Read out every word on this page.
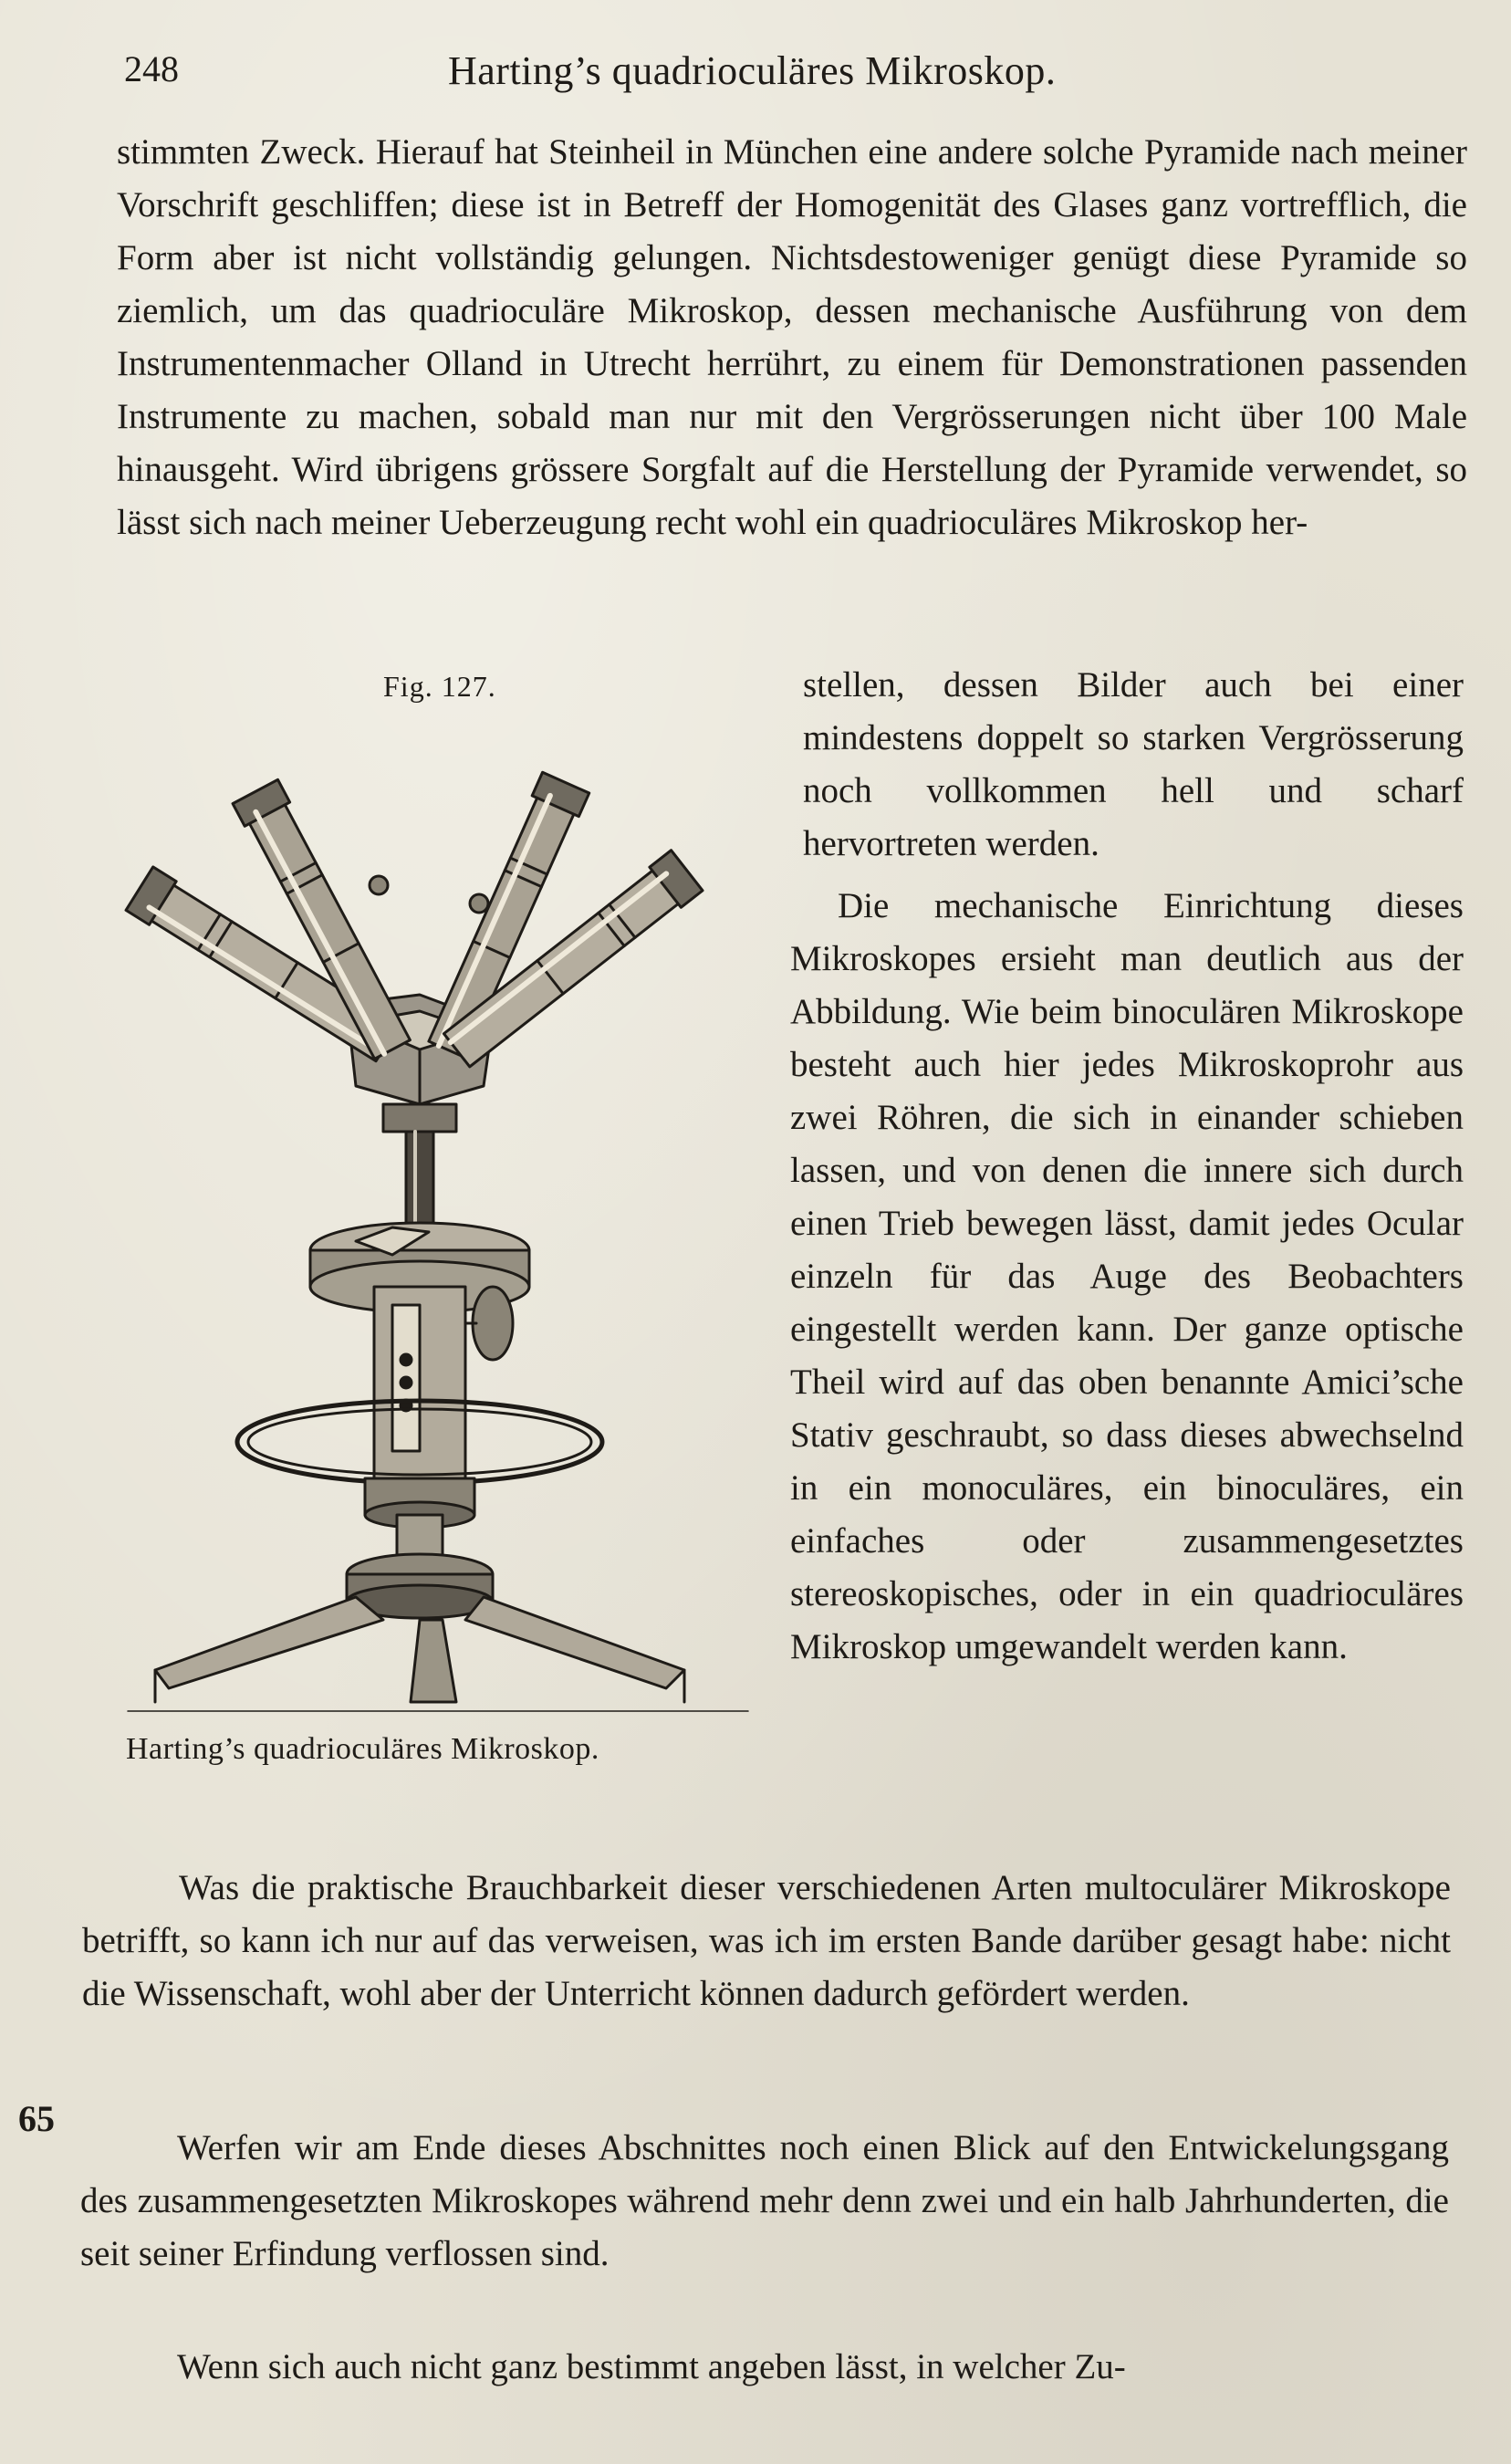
248	Harting’s quadrioculäres Mikroskop.
stimmten Zweck. Hierauf hat Steinheil in München eine andere solche Pyramide nach meiner Vorschrift geschliffen; diese ist in Betreff der Homogenität des Glases ganz vortrefflich, die Form aber ist nicht vollständig gelungen. Nichtsdestoweniger genügt diese Pyramide so ziemlich, um das quadrioculäre Mikroskop, dessen mechanische Ausführung von dem Instrumentenmacher Olland in Utrecht herrührt, zu einem für Demonstrationen passenden Instrumente zu machen, sobald man nur mit den Vergrösserungen nicht über 100 Male hinausgeht. Wird übrigens grössere Sorgfalt auf die Herstellung der Pyramide verwendet, so lässt sich nach meiner Ueberzeugung recht wohl ein quadrioculäres Mikroskop her-
Fig. 127.
Harting’s quadrioculäres Mikroskop.
stellen, dessen Bilder auch bei einer mindestens doppelt so starken Vergrösserung noch vollkommen hell und scharf hervortreten werden.
Die mechanische Einrichtung dieses Mikroskopes ersieht man deutlich aus der Abbildung. Wie beim binoculären Mikroskope besteht auch hier jedes Mikroskoprohr aus zwei Röhren, die sich in einander schieben lassen, und von denen die innere sich durch einen Trieb bewegen lässt, damit jedes Ocular einzeln für das Auge des Beobachters eingestellt werden kann. Der ganze optische Theil wird auf das oben benannte Amici’sche Stativ geschraubt, so dass dieses abwechselnd in ein monoculäres, ein binoculäres, ein einfaches oder zusammengesetztes stereoskopisches, oder in ein quadrioculäres Mikroskop umgewandelt werden kann.
Was die praktische Brauchbarkeit dieser verschiedenen Arten multoculärer Mikroskope betrifft, so kann ich nur auf das verweisen, was ich im ersten Bande darüber gesagt habe: nicht die Wissenschaft, wohl aber der Unterricht können dadurch gefördert werden.
65
Werfen wir am Ende dieses Abschnittes noch einen Blick auf den Entwickelungsgang des zusammengesetzten Mikroskopes während mehr denn zwei und ein halb Jahrhunderten, die seit seiner Erfindung verflossen sind.
Wenn sich auch nicht ganz bestimmt angeben lässt, in welcher Zu-
